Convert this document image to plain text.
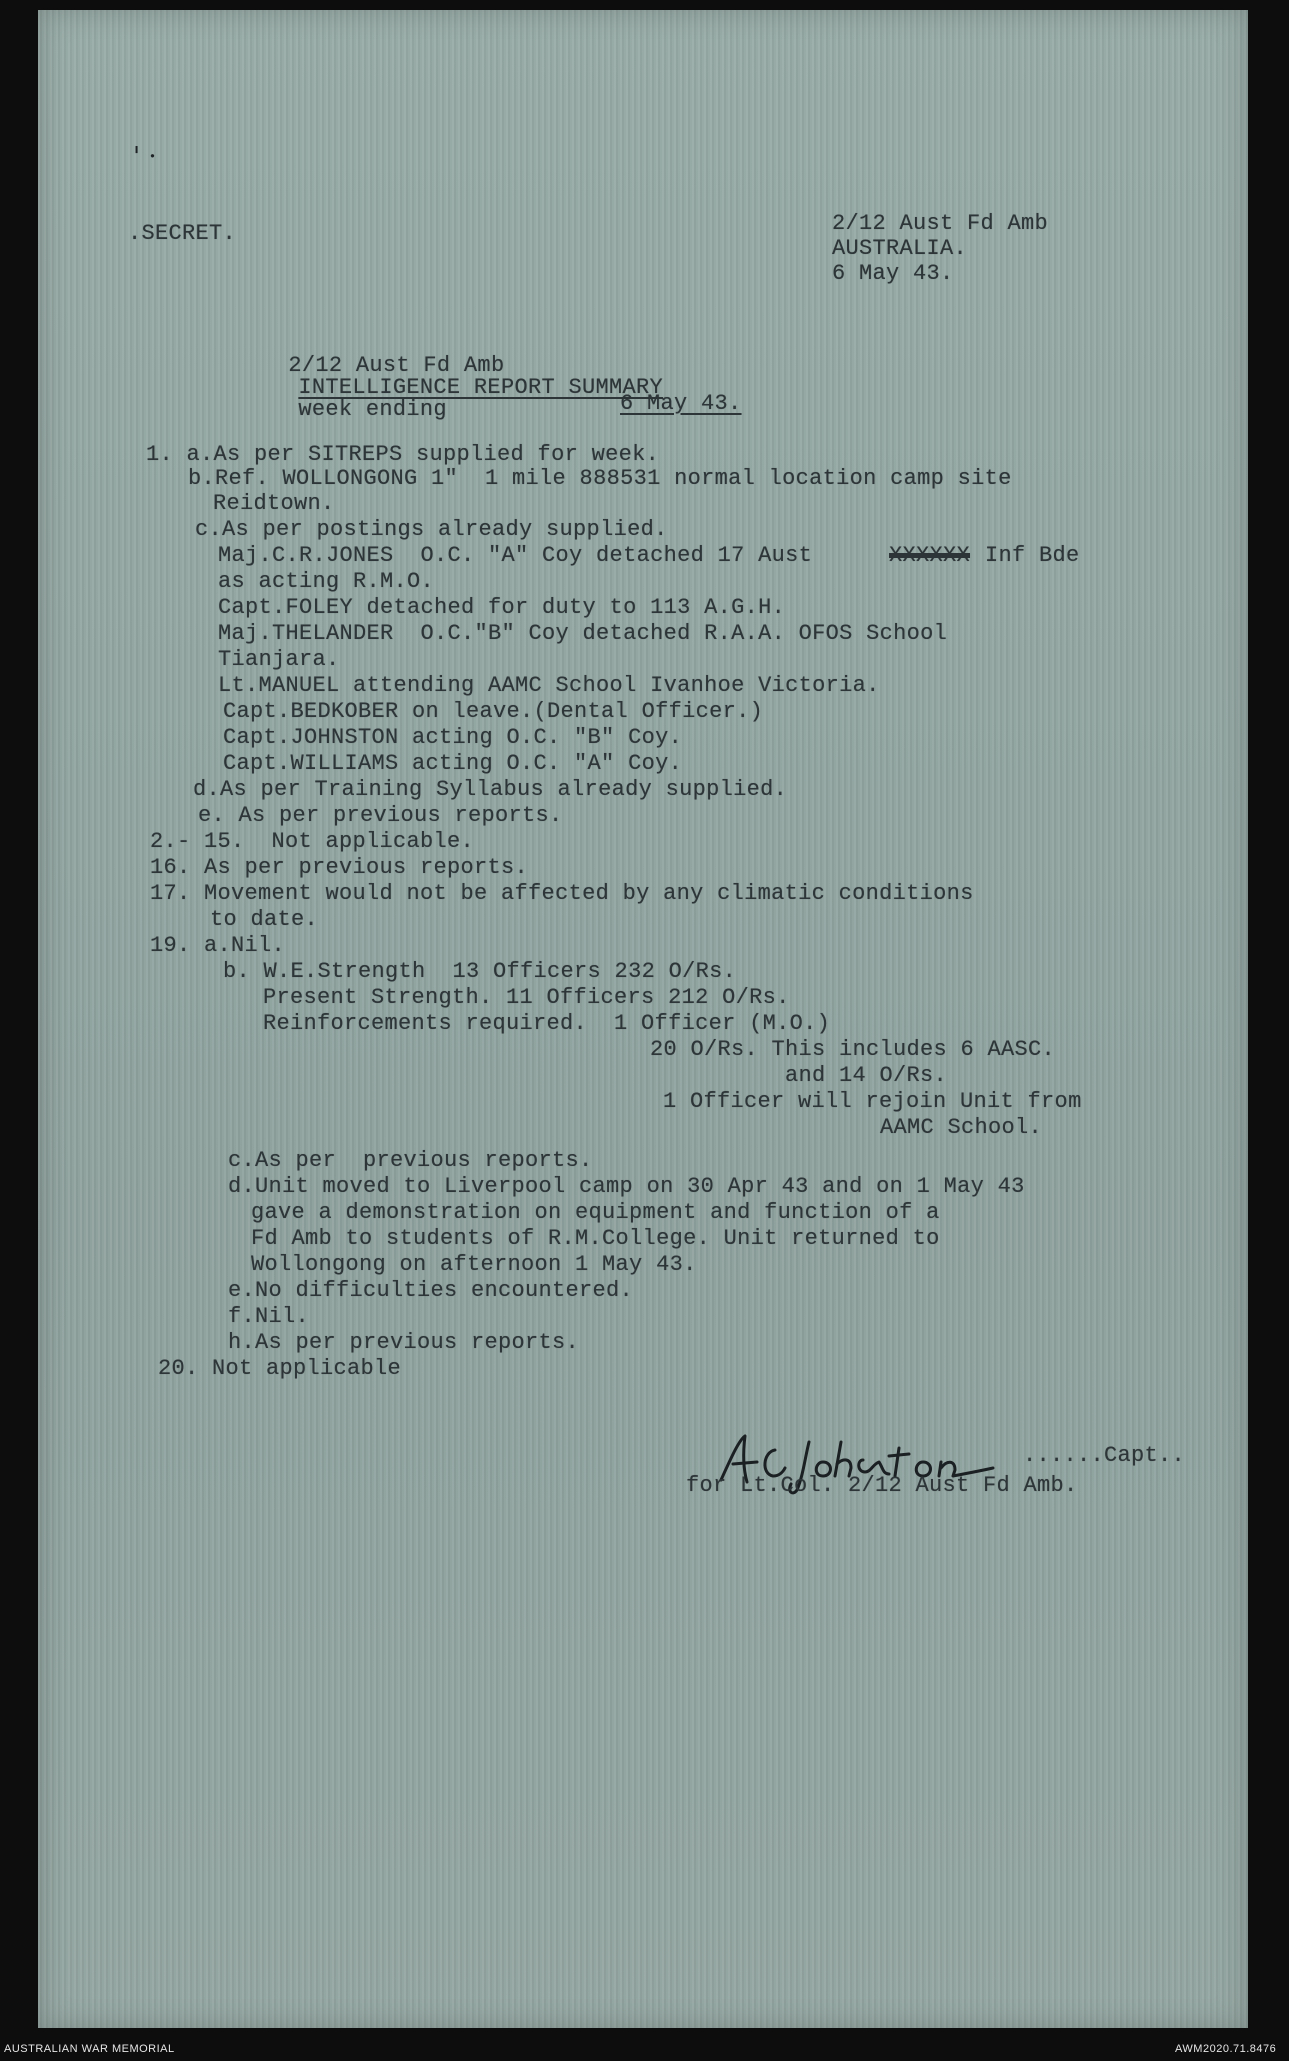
' ·
.SECRET.	2/12 Aust Fd Amb
AUSTRALIA.
6 May 43.

2/12 Aust Fd Amb
INTELLIGENCE REPORT SUMMARY
week ending
	6 May 43.
1. a.As per SITREPS supplied for week.
b.Ref. WOLLONGONG 1"  1 mile 888531 normal location camp site
Reidtown.
c.As per postings already supplied.
Maj.C.R.JONES  O.C. "A" Coy detached 17 Aust	XXXXXX Inf Bde
as acting R.M.O.
Capt.FOLEY detached for duty to 113 A.G.H.
Maj.THELANDER  O.C."B" Coy detached R.A.A. OFOS School
Tianjara.
Lt.MANUEL attending AAMC School Ivanhoe Victoria.
Capt.BEDKOBER on leave.(Dental Officer.)
Capt.JOHNSTON acting O.C. "B" Coy.
Capt.WILLIAMS acting O.C. "A" Coy.
d.As per Training Syllabus already supplied.
e. As per previous reports.
2.- 15.  Not applicable.
16. As per previous reports.
17. Movement would not be affected by any climatic conditions
to date.
19. a.Nil.
b. W.E.Strength  13 Officers 232 O/Rs.
Present Strength. 11 Officers 212 O/Rs.
Reinforcements required.  1 Officer (M.O.)
20 O/Rs. This includes 6 AASC.
and 14 O/Rs.
1 Officer will rejoin Unit from
AAMC School.
c.As per  previous reports.
d.Unit moved to Liverpool camp on 30 Apr 43 and on 1 May 43
gave a demonstration on equipment and function of a
Fd Amb to students of R.M.College. Unit returned to
Wollongong on afternoon 1 May 43.
e.No difficulties encountered.
f.Nil.
h.As per previous reports.
20. Not applicable
......Capt..
for Lt.Col. 2/12 Aust Fd Amb.
AUSTRALIAN WAR MEMORIAL	AWM2020.71.8476
